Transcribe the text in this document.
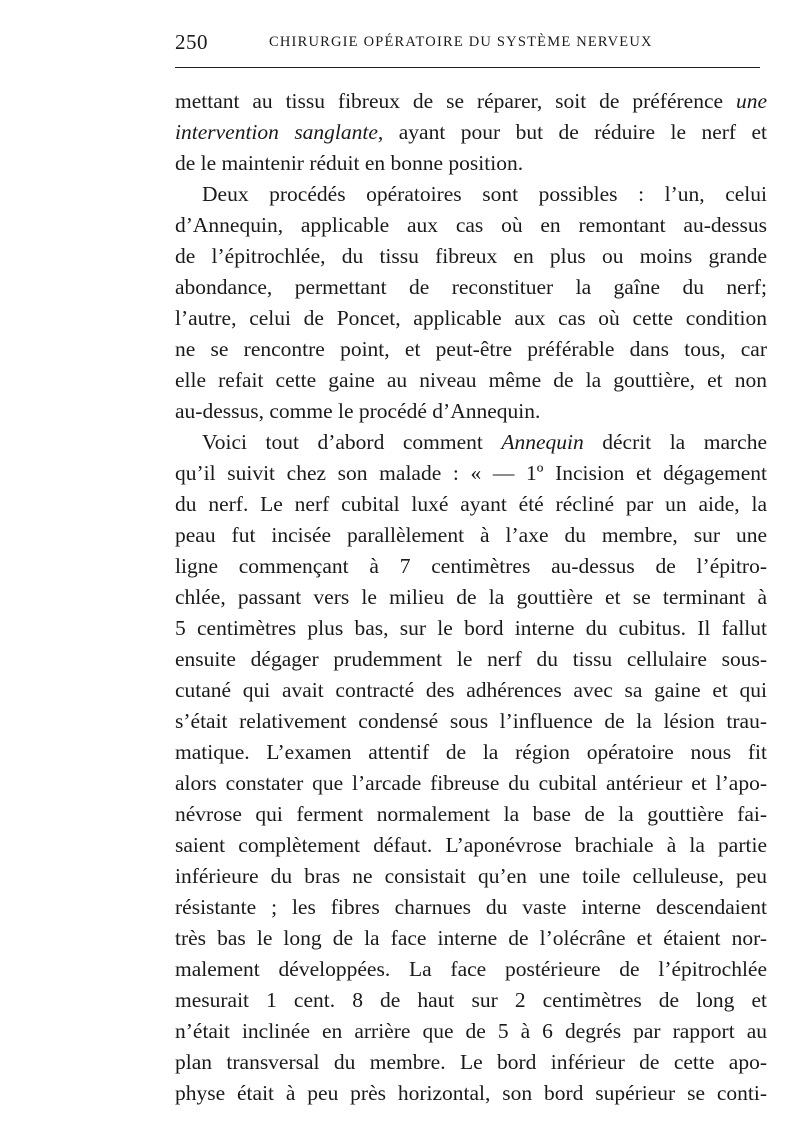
250	CHIRURGIE OPÉRATOIRE DU SYSTÈME NERVEUX
mettant au tissu fibreux de se réparer, soit de préférence une
intervention sanglante, ayant pour but de réduire le nerf et
de le maintenir réduit en bonne position.
Deux procédés opératoires sont possibles : l’un, celui
d’Annequin, applicable aux cas où en remontant au-dessus
de l’épitrochlée, du tissu fibreux en plus ou moins grande
abondance, permettant de reconstituer la gaîne du nerf;
l’autre, celui de Poncet, applicable aux cas où cette condition
ne se rencontre point, et peut-être préférable dans tous, car
elle refait cette gaine au niveau même de la gouttière, et non
au-dessus, comme le procédé d’Annequin.
Voici tout d’abord comment Annequin décrit la marche
qu’il suivit chez son malade : « — 1º Incision et dégagement
du nerf. Le nerf cubital luxé ayant été récliné par un aide, la
peau fut incisée parallèlement à l’axe du membre, sur une
ligne commençant à 7 centimètres au-dessus de l’épitro-
chlée, passant vers le milieu de la gouttière et se terminant à
5 centimètres plus bas, sur le bord interne du cubitus. Il fallut
ensuite dégager prudemment le nerf du tissu cellulaire sous-
cutané qui avait contracté des adhérences avec sa gaine et qui
s’était relativement condensé sous l’influence de la lésion trau-
matique. L’examen attentif de la région opératoire nous fit
alors constater que l’arcade fibreuse du cubital antérieur et l’apo-
névrose qui ferment normalement la base de la gouttière fai-
saient complètement défaut. L’aponévrose brachiale à la partie
inférieure du bras ne consistait qu’en une toile celluleuse, peu
résistante ; les fibres charnues du vaste interne descendaient
très bas le long de la face interne de l’olécrâne et étaient nor-
malement développées. La face postérieure de l’épitrochlée
mesurait 1 cent. 8 de haut sur 2 centimètres de long et
n’était inclinée en arrière que de 5 à 6 degrés par rapport au
plan transversal du membre. Le bord inférieur de cette apo-
physe était à peu près horizontal, son bord supérieur se conti-
